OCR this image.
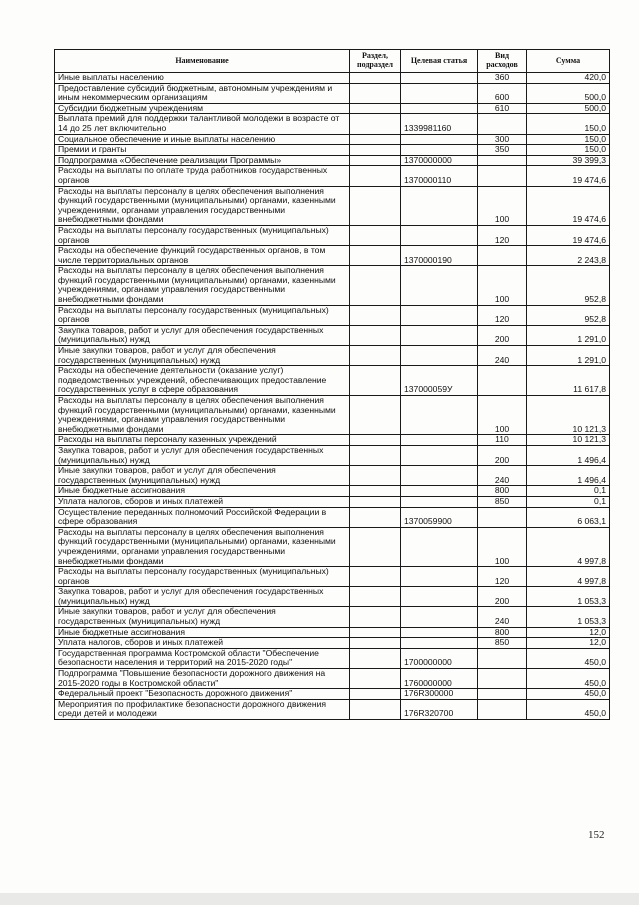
Наименование	Раздел, подраздел	Целевая статья	Вид расходов	Сумма
Иные выплаты населению			360	420,0
Предоставление субсидий бюджетным, автономным учреждениям и иным некоммерческим организациям			600	500,0
Субсидии бюджетным учреждениям			610	500,0
Выплата премий для поддержки талантливой молодежи в возрасте от 14 до 25 лет включительно		1339981160		150,0
Социальное обеспечение и иные выплаты населению			300	150,0
Премии и гранты			350	150,0
Подпрограмма «Обеспечение реализации Программы»		1370000000		39 399,3
Расходы на выплаты по оплате труда работников государственных органов		1370000110		19 474,6
Расходы на выплаты персоналу в целях обеспечения выполнения функций государственными (муниципальными) органами, казенными учреждениями, органами управления государственными внебюджетными фондами			100	19 474,6
Расходы на выплаты персоналу государственных (муниципальных) органов			120	19 474,6
Расходы на обеспечение функций государственных органов, в том числе территориальных органов		1370000190		2 243,8
Расходы на выплаты персоналу в целях обеспечения выполнения функций государственными (муниципальными) органами, казенными учреждениями, органами управления государственными внебюджетными фондами			100	952,8
Расходы на выплаты персоналу государственных (муниципальных) органов			120	952,8
Закупка товаров, работ и услуг для обеспечения государственных (муниципальных) нужд			200	1 291,0
Иные закупки товаров, работ и услуг для обеспечения государственных (муниципальных) нужд			240	1 291,0
Расходы на обеспечение деятельности (оказание услуг) подведомственных учреждений, обеспечивающих предоставление государственных услуг в сфере образования		137000059У		11 617,8
Расходы на выплаты персоналу в целях обеспечения выполнения функций государственными (муниципальными) органами, казенными учреждениями, органами управления государственными внебюджетными фондами			100	10 121,3
Расходы на выплаты персоналу казенных учреждений			110	10 121,3
Закупка товаров, работ и услуг для обеспечения государственных (муниципальных) нужд			200	1 496,4
Иные закупки товаров, работ и услуг для обеспечения государственных (муниципальных) нужд			240	1 496,4
Иные бюджетные ассигнования			800	0,1
Уплата налогов, сборов и иных платежей			850	0,1
Осуществление переданных полномочий Российской Федерации в сфере образования		1370059900		6 063,1
Расходы на выплаты персоналу в целях обеспечения выполнения функций государственными (муниципальными) органами, казенными учреждениями, органами управления государственными внебюджетными фондами			100	4 997,8
Расходы на выплаты персоналу государственных (муниципальных) органов			120	4 997,8
Закупка товаров, работ и услуг для обеспечения государственных (муниципальных) нужд			200	1 053,3
Иные закупки товаров, работ и услуг для обеспечения государственных (муниципальных) нужд			240	1 053,3
Иные бюджетные ассигнования			800	12,0
Уплата налогов, сборов и иных платежей			850	12,0
Государственная программа Костромской области "Обеспечение безопасности населения и территорий на 2015-2020 годы"		1700000000		450,0
Подпрограмма "Повышение безопасности дорожного движения на 2015-2020 годы в Костромской области"		1760000000		450,0
Федеральный проект "Безопасность дорожного движения"		176R300000		450,0
Мероприятия по профилактике безопасности дорожного движения среди детей и молодежи		176R320700		450,0
152
